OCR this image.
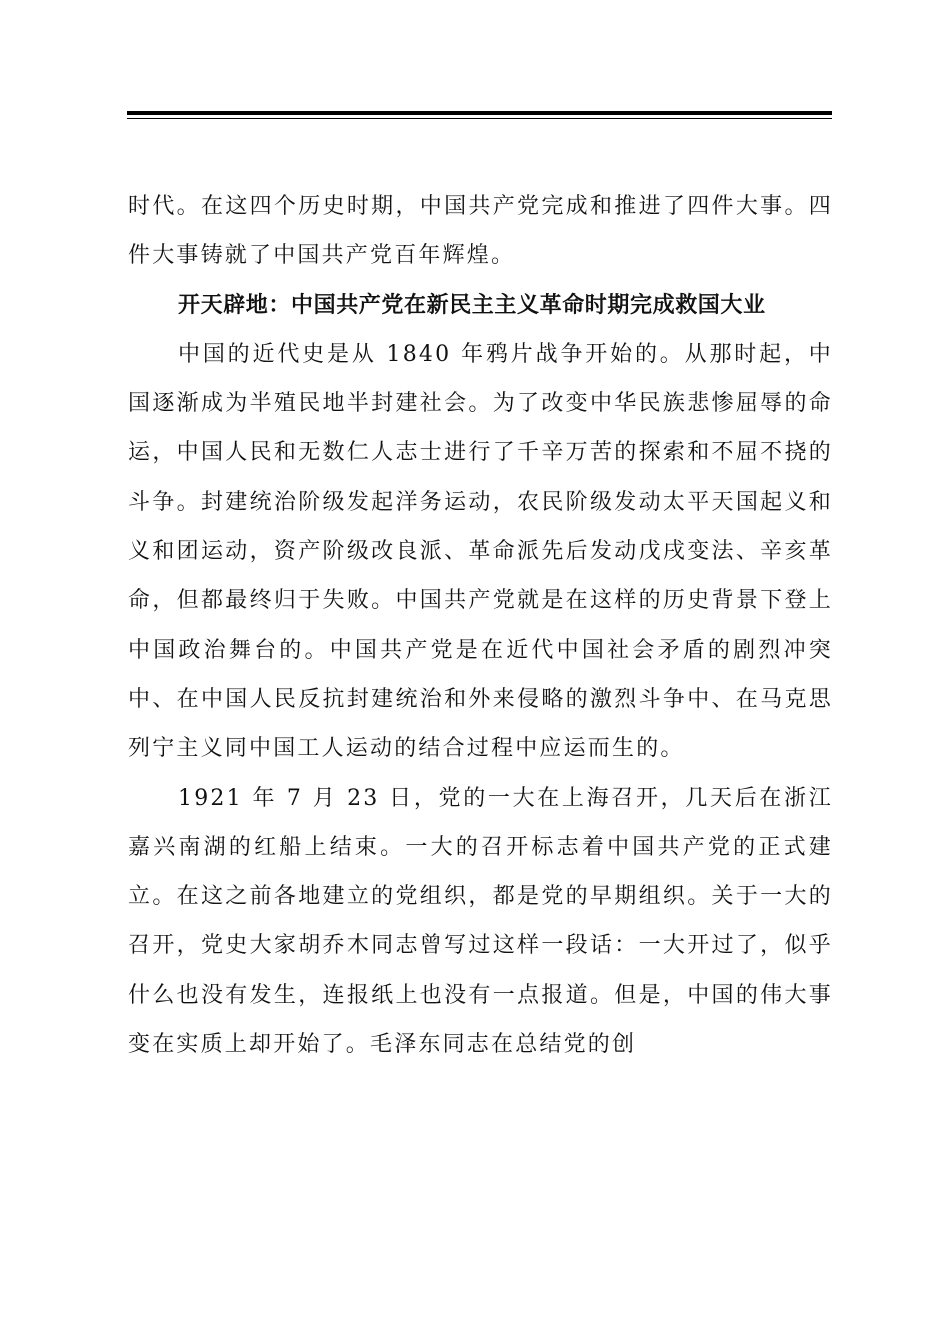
时代。在这四个历史时期，中国共产党完成和推进了四件大事。四件大事铸就了中国共产党百年辉煌。

开天辟地：中国共产党在新民主主义革命时期完成救国大业

中国的近代史是从 1840 年鸦片战争开始的。从那时起，中国逐渐成为半殖民地半封建社会。为了改变中华民族悲惨屈辱的命运，中国人民和无数仁人志士进行了千辛万苦的探索和不屈不挠的斗争。封建统治阶级发起洋务运动，农民阶级发动太平天国起义和义和团运动，资产阶级改良派、革命派先后发动戊戌变法、辛亥革命，但都最终归于失败。中国共产党就是在这样的历史背景下登上中国政治舞台的。中国共产党是在近代中国社会矛盾的剧烈冲突中、在中国人民反抗封建统治和外来侵略的激烈斗争中、在马克思列宁主义同中国工人运动的结合过程中应运而生的。

1921 年 7 月 23 日，党的一大在上海召开，几天后在浙江嘉兴南湖的红船上结束。一大的召开标志着中国共产党的正式建立。在这之前各地建立的党组织，都是党的早期组织。关于一大的召开，党史大家胡乔木同志曾写过这样一段话：一大开过了，似乎什么也没有发生，连报纸上也没有一点报道。但是，中国的伟大事变在实质上却开始了。毛泽东同志在总结党的创
